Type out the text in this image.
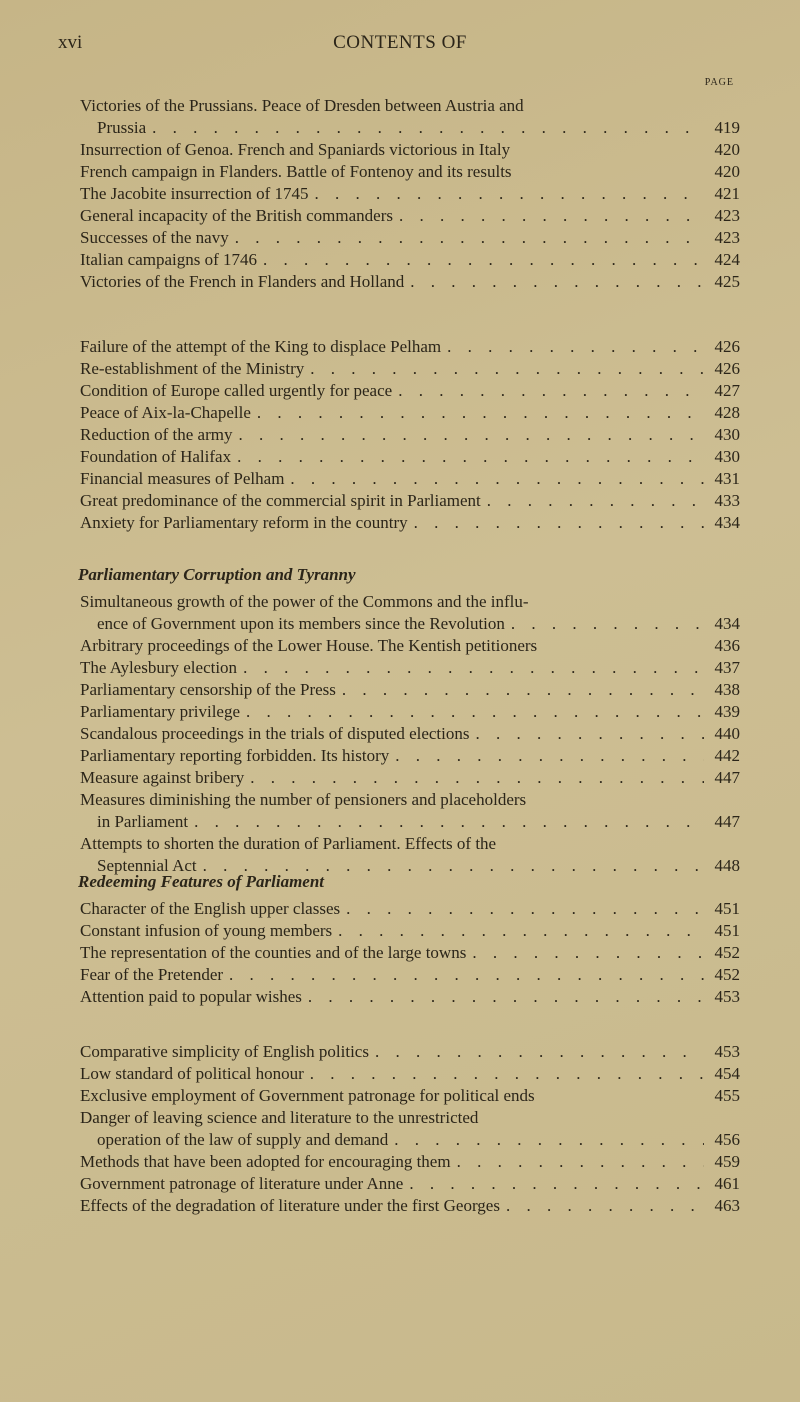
xvi	CONTENTS OF
PAGE
Victories of the Prussians. Peace of Dresden between Austria and
Prussia . . .	419
Insurrection of Genoa. French and Spaniards victorious in Italy	420
French campaign in Flanders. Battle of Fontenoy and its results	420
The Jacobite insurrection of 1745 . . .	421
General incapacity of the British commanders . . .	423
Successes of the navy . . .	423
Italian campaigns of 1746 . . .	424
Victories of the French in Flanders and Holland . . .	425
Failure of the attempt of the King to displace Pelham . . .	426
Re-establishment of the Ministry . . .	426
Condition of Europe called urgently for peace . . .	427
Peace of Aix-la-Chapelle . . .	428
Reduction of the army . . .	430
Foundation of Halifax . . .	430
Financial measures of Pelham . . .	431
Great predominance of the commercial spirit in Parliament . . .	433
Anxiety for Parliamentary reform in the country . . .	434
Parliamentary Corruption and Tyranny
Simultaneous growth of the power of the Commons and the influ-
ence of Government upon its members since the Revolution . . .	434
Arbitrary proceedings of the Lower House. The Kentish petitioners	436
The Aylesbury election . . .	437
Parliamentary censorship of the Press . . .	438
Parliamentary privilege . . .	439
Scandalous proceedings in the trials of disputed elections . . .	440
Parliamentary reporting forbidden. Its history . . .	442
Measure against bribery . . .	447
Measures diminishing the number of pensioners and placeholders
in Parliament . . .	447
Attempts to shorten the duration of Parliament. Effects of the
Septennial Act . . .	448
Redeeming Features of Parliament
Character of the English upper classes . . .	451
Constant infusion of young members . . .	451
The representation of the counties and of the large towns . . .	452
Fear of the Pretender . . .	452
Attention paid to popular wishes . . .	453
Comparative simplicity of English politics . . .	453
Low standard of political honour . . .	454
Exclusive employment of Government patronage for political ends	455
Danger of leaving science and literature to the unrestricted
operation of the law of supply and demand . . .	456
Methods that have been adopted for encouraging them . . .	459
Government patronage of literature under Anne . . .	461
Effects of the degradation of literature under the first Georges . . .	463
